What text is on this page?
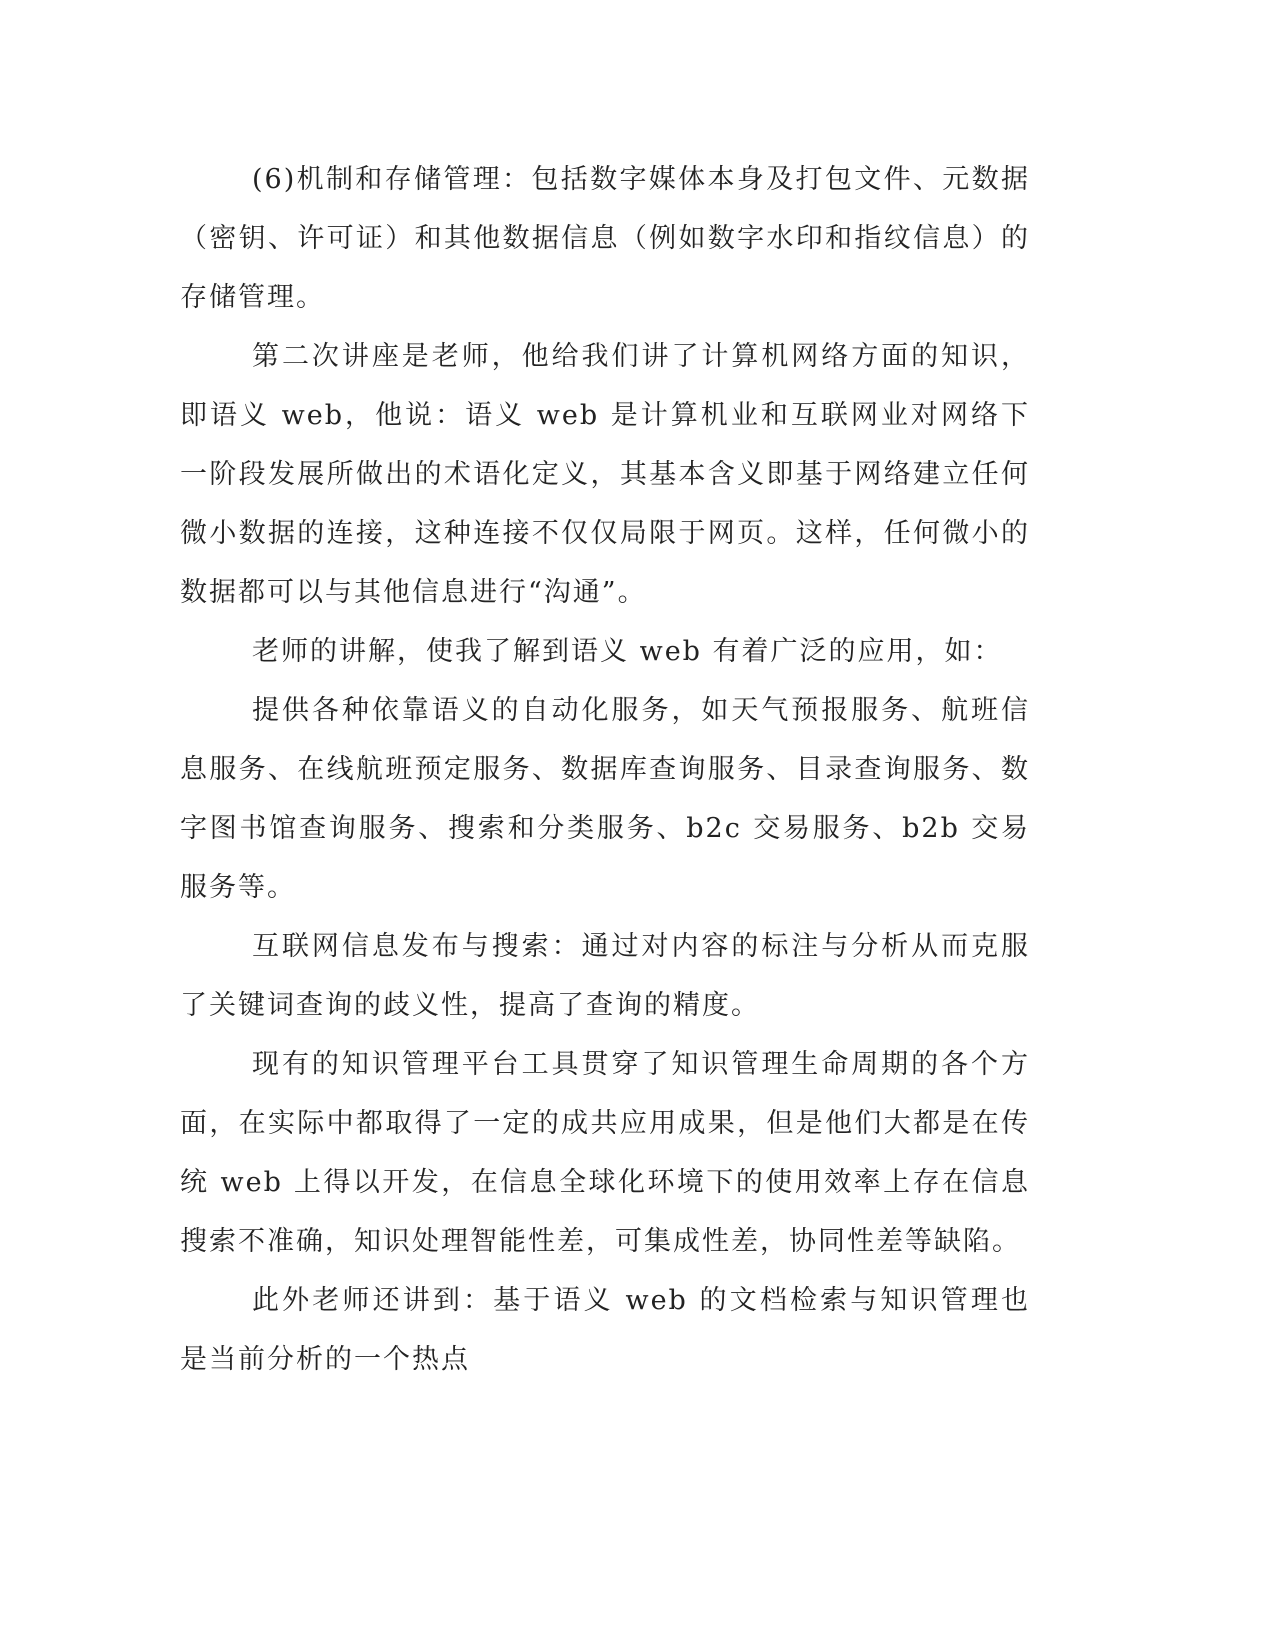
(6)机制和存储管理：包括数字媒体本身及打包文件、元数据（密钥、许可证）和其他数据信息（例如数字水印和指纹信息）的存储管理。

第二次讲座是老师，他给我们讲了计算机网络方面的知识，即语义 web，他说：语义 web 是计算机业和互联网业对网络下一阶段发展所做出的术语化定义，其基本含义即基于网络建立任何微小数据的连接，这种连接不仅仅局限于网页。这样，任何微小的数据都可以与其他信息进行“沟通”。

老师的讲解，使我了解到语义 web 有着广泛的应用，如：

提供各种依靠语义的自动化服务，如天气预报服务、航班信息服务、在线航班预定服务、数据库查询服务、目录查询服务、数字图书馆查询服务、搜索和分类服务、b2c 交易服务、b2b 交易服务等。

互联网信息发布与搜索：通过对内容的标注与分析从而克服了关键词查询的歧义性，提高了查询的精度。

现有的知识管理平台工具贯穿了知识管理生命周期的各个方面，在实际中都取得了一定的成共应用成果，但是他们大都是在传统 web 上得以开发，在信息全球化环境下的使用效率上存在信息搜索不准确，知识处理智能性差，可集成性差，协同性差等缺陷。

此外老师还讲到：基于语义 web 的文档检索与知识管理也是当前分析的一个热点
